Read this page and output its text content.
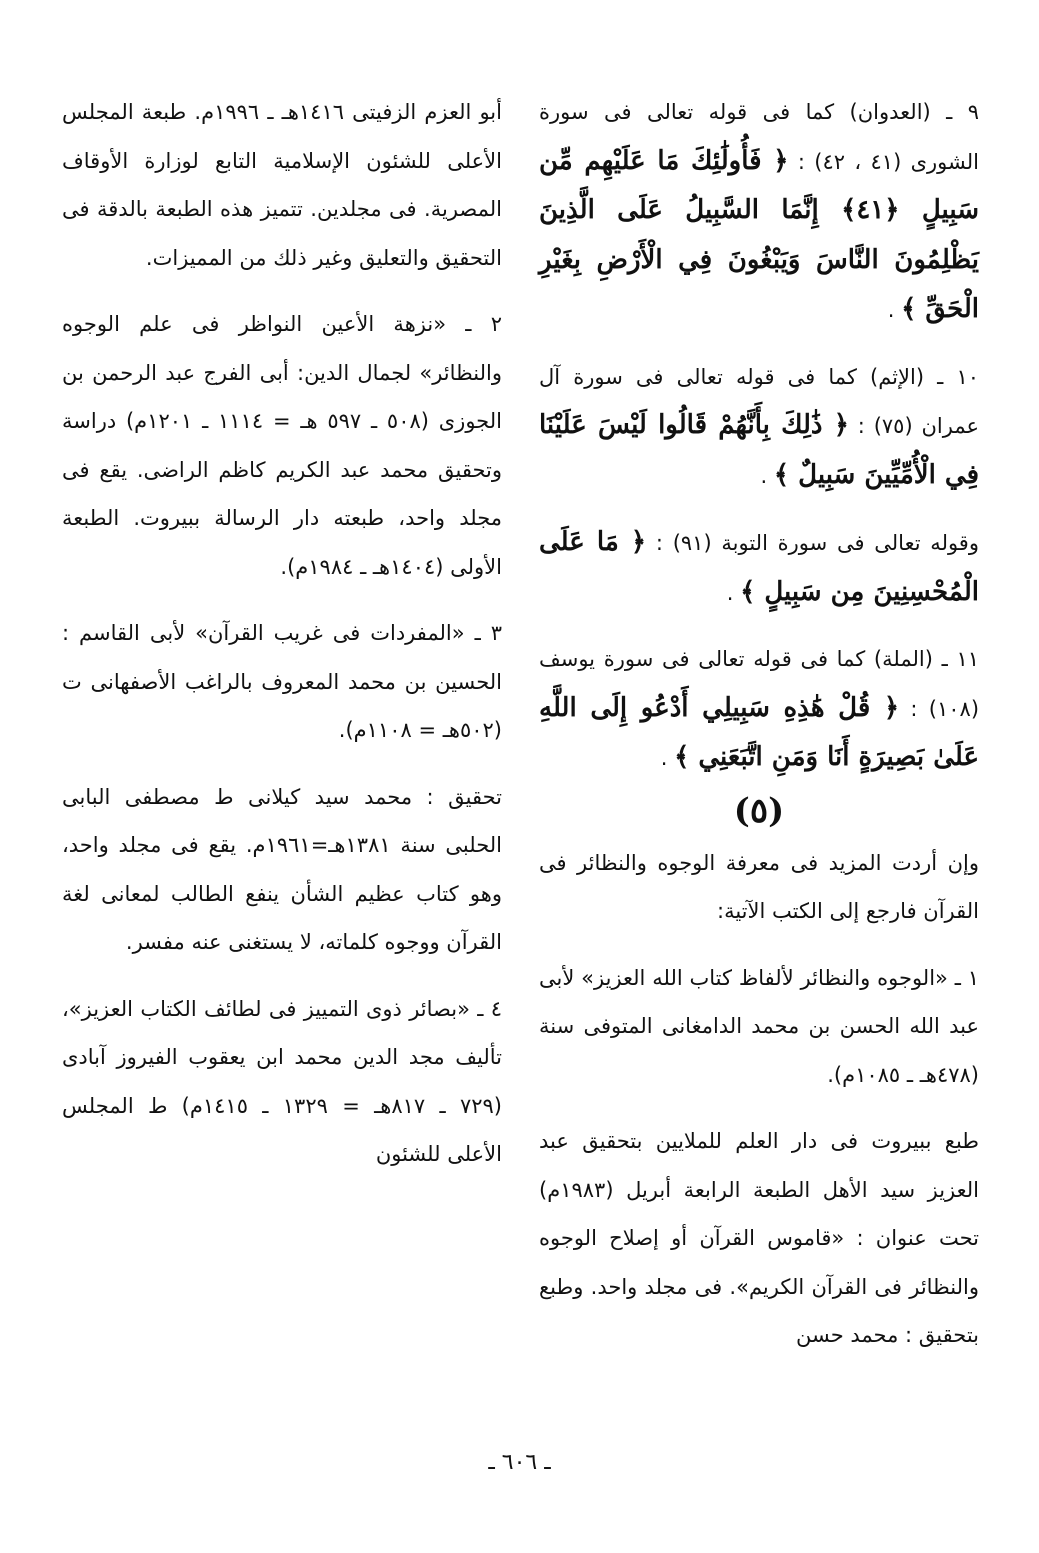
٩ ـ (العدوان) كما فى قوله تعالى فى سورة الشورى (٤١ ، ٤٢) : ﴿ فَأُولَٰئِكَ مَا عَلَيْهِم مِّن سَبِيلٍ ﴿٤١﴾ إِنَّمَا السَّبِيلُ عَلَى الَّذِينَ يَظْلِمُونَ النَّاسَ وَيَبْغُونَ فِي الْأَرْضِ بِغَيْرِ الْحَقِّ ﴾ .

١٠ ـ (الإثم) كما فى قوله تعالى فى سورة آل عمران (٧٥) : ﴿ ذَٰلِكَ بِأَنَّهُمْ قَالُوا لَيْسَ عَلَيْنَا فِي الْأُمِّيِّينَ سَبِيلٌ ﴾ .

وقوله تعالى فى سورة التوبة (٩١) : ﴿ مَا عَلَى الْمُحْسِنِينَ مِن سَبِيلٍ ﴾ .

١١ ـ (الملة) كما فى قوله تعالى فى سورة يوسف (١٠٨) : ﴿ قُلْ هَٰذِهِ سَبِيلِي أَدْعُو إِلَى اللَّهِ عَلَىٰ بَصِيرَةٍ أَنَا وَمَنِ اتَّبَعَنِي ﴾ .

(٥)

وإن أردت المزيد فى معرفة الوجوه والنظائر فى القرآن فارجع إلى الكتب الآتية:

١ ـ «الوجوه والنظائر لألفاظ كتاب الله العزيز» لأبى عبد الله الحسن بن محمد الدامغانى المتوفى سنة (٤٧٨هـ ـ ١٠٨٥م).

طبع ببيروت فى دار العلم للملايين بتحقيق عبد العزيز سيد الأهل الطبعة الرابعة أبريل (١٩٨٣م) تحت عنوان : «قاموس القرآن أو إصلاح الوجوه والنظائر فى القرآن الكريم». فى مجلد واحد. وطبع بتحقيق : محمد حسن

أبو العزم الزفيتى ١٤١٦هـ ـ ١٩٩٦م. طبعة المجلس الأعلى للشئون الإسلامية التابع لوزارة الأوقاف المصرية. فى مجلدين. تتميز هذه الطبعة بالدقة فى التحقيق والتعليق وغير ذلك من المميزات.

٢ ـ «نزهة الأعين النواظر فى علم الوجوه والنظائر» لجمال الدين: أبى الفرج عبد الرحمن بن الجوزى (٥٠٨ ـ ٥٩٧ هـ = ١١١٤ ـ ١٢٠١م) دراسة وتحقيق محمد عبد الكريم كاظم الراضى. يقع فى مجلد واحد، طبعته دار الرسالة ببيروت. الطبعة الأولى (١٤٠٤هـ ـ ١٩٨٤م).

٣ ـ «المفردات فى غريب القرآن» لأبى القاسم : الحسين بن محمد المعروف بالراغب الأصفهانى ت (٥٠٢هـ = ١١٠٨م).

تحقيق : محمد سيد كيلانى ط مصطفى البابى الحلبى سنة ١٣٨١هـ=١٩٦١م. يقع فى مجلد واحد، وهو كتاب عظيم الشأن ينفع الطالب لمعانى لغة القرآن ووجوه كلماته، لا يستغنى عنه مفسر.

٤ ـ «بصائر ذوى التمييز فى لطائف الكتاب العزيز»، تأليف مجد الدين محمد ابن يعقوب الفيروز آبادى (٧٢٩ ـ ٨١٧هـ = ١٣٢٩ ـ ١٤١٥م) ط المجلس الأعلى للشئون

ـ ٦٠٦ ـ
